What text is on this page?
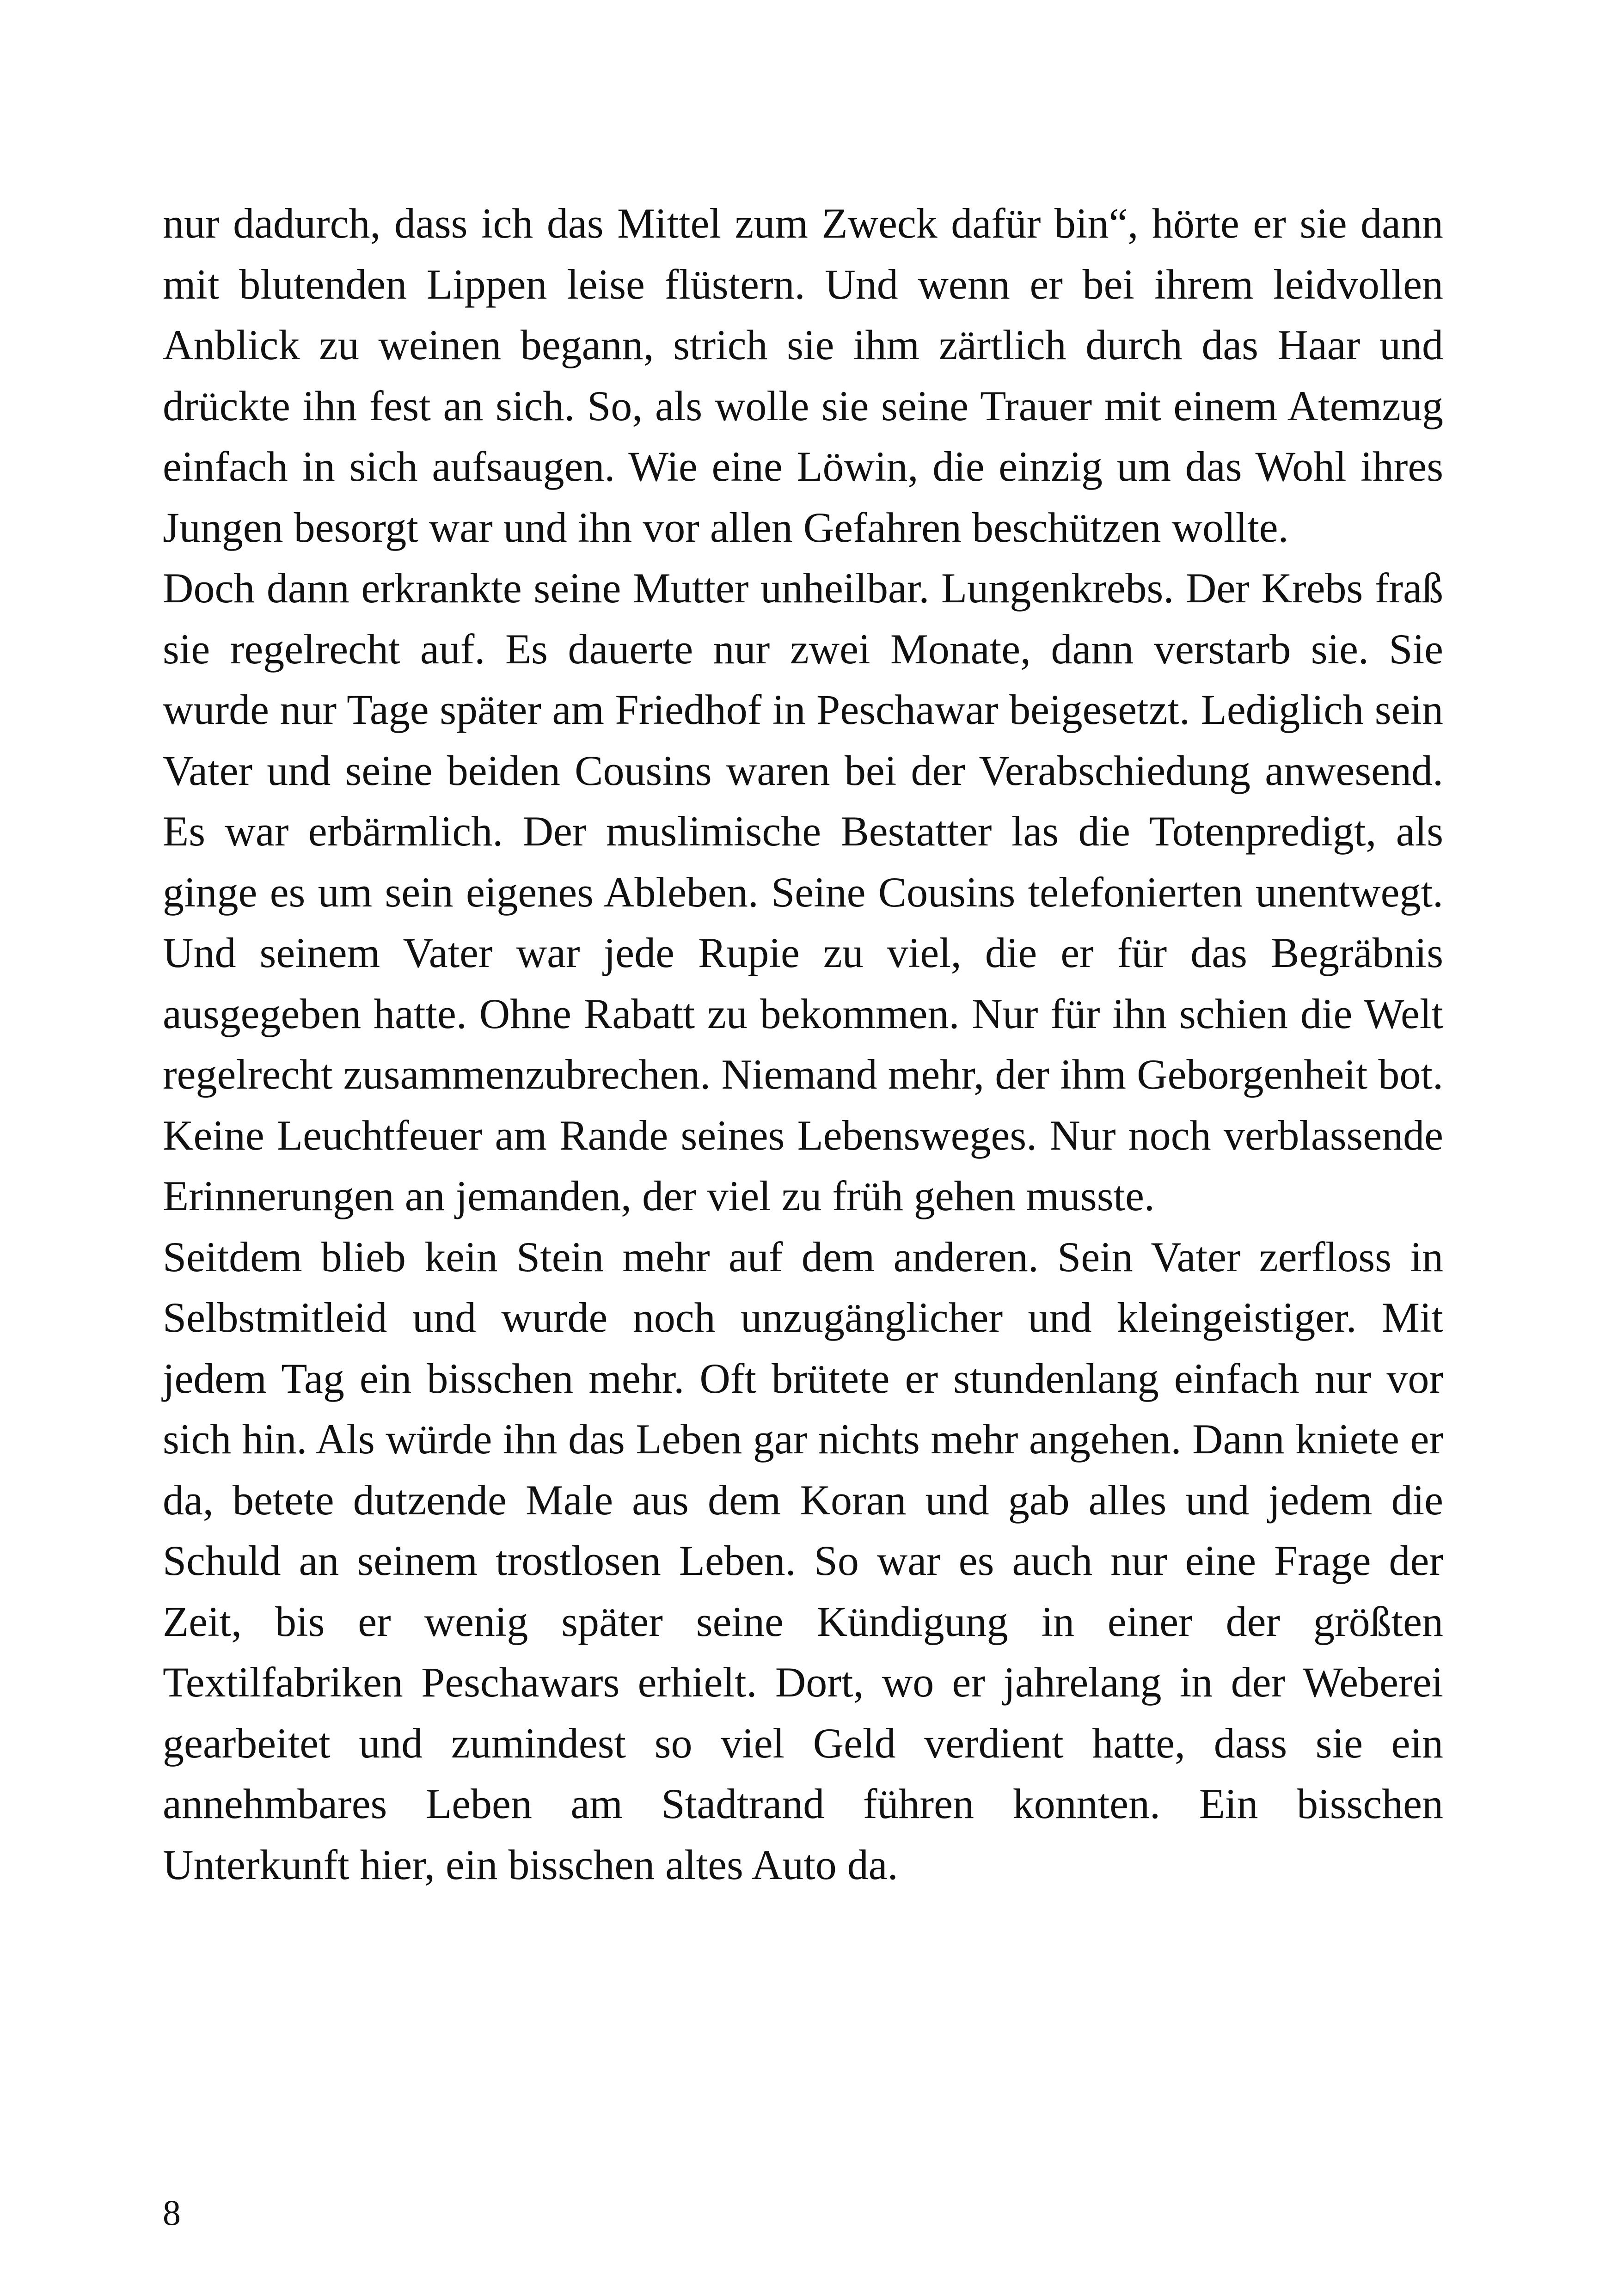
nur dadurch, dass ich das Mittel zum Zweck dafür bin“, hörte er sie dann mit blutenden Lippen leise flüstern. Und wenn er bei ihrem leidvollen Anblick zu weinen begann, strich sie ihm zärtlich durch das Haar und drückte ihn fest an sich. So, als wolle sie seine Trauer mit einem Atemzug einfach in sich aufsaugen. Wie eine Löwin, die einzig um das Wohl ihres Jungen besorgt war und ihn vor allen Gefahren beschützen wollte.

Doch dann erkrankte seine Mutter unheilbar. Lungenkrebs. Der Krebs fraß sie regelrecht auf. Es dauerte nur zwei Monate, dann verstarb sie. Sie wurde nur Tage später am Friedhof in Peschawar beigesetzt. Lediglich sein Vater und seine beiden Cousins waren bei der Verabschiedung anwesend. Es war erbärmlich. Der muslimische Bestatter las die Totenpredigt, als ginge es um sein eigenes Ableben. Seine Cousins telefonierten unentwegt. Und seinem Vater war jede Rupie zu viel, die er für das Begräbnis ausgegeben hatte. Ohne Rabatt zu bekommen. Nur für ihn schien die Welt regelrecht zusammenzubrechen. Niemand mehr, der ihm Geborgenheit bot. Keine Leuchtfeuer am Rande seines Lebensweges. Nur noch verblassende Erinnerungen an jemanden, der viel zu früh gehen musste.

Seitdem blieb kein Stein mehr auf dem anderen. Sein Vater zerfloss in Selbstmitleid und wurde noch unzugänglicher und kleingeistiger. Mit jedem Tag ein bisschen mehr. Oft brütete er stundenlang einfach nur vor sich hin. Als würde ihn das Leben gar nichts mehr angehen. Dann kniete er da, betete dutzende Male aus dem Koran und gab alles und jedem die Schuld an seinem trostlosen Leben. So war es auch nur eine Frage der Zeit, bis er wenig später seine Kündigung in einer der größten Textilfabriken Peschawars erhielt. Dort, wo er jahrelang in der Weberei gearbeitet und zumindest so viel Geld verdient hatte, dass sie ein annehmbares Leben am Stadtrand führen konnten. Ein bisschen Unterkunft hier, ein bisschen altes Auto da.

8
